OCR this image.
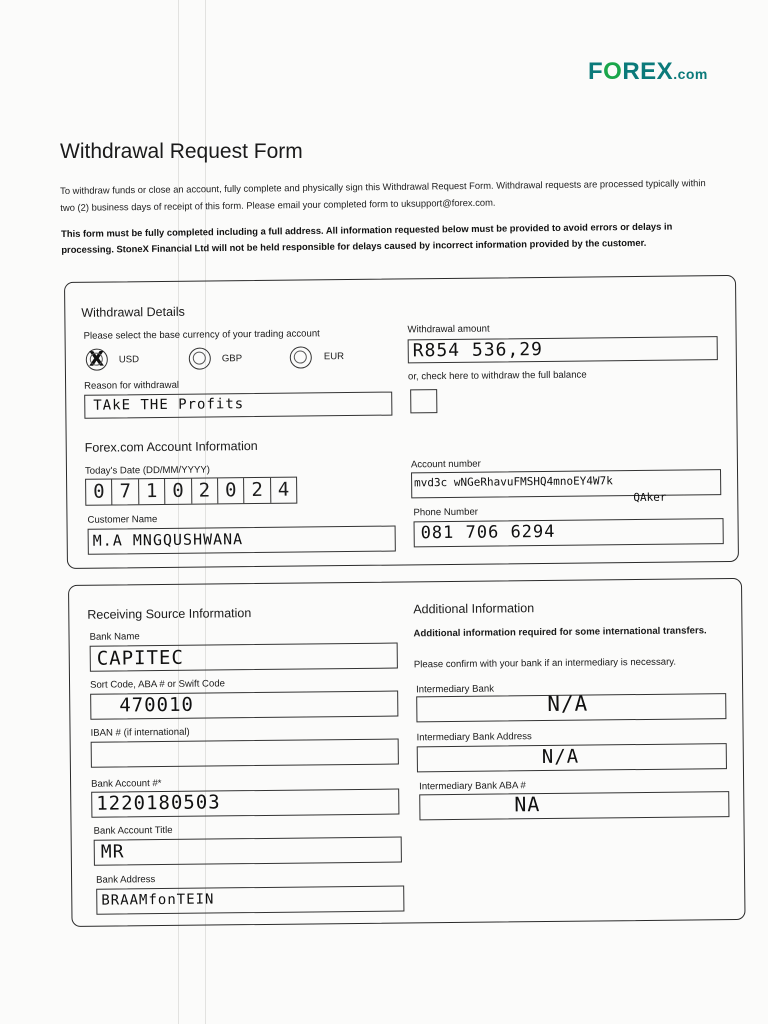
FOREX.com
Withdrawal Request Form
To withdraw funds or close an account, fully complete and physically sign this Withdrawal Request Form. Withdrawal requests are processed typically within two (2) business days of receipt of this form. Please email your completed form to uksupport@forex.com.
This form must be fully completed including a full address. All information requested below must be provided to avoid errors or delays in processing. StoneX Financial Ltd will not be held responsible for delays caused by incorrect information provided by the customer.
Withdrawal Details
Please select the base currency of your trading account
X USD	GBP	EUR
Reason for withdrawal
TAkE THE Profits
Withdrawal amount
R854 536,29
or, check here to withdraw the full balance
Forex.com Account Information
Today's Date (DD/MM/YYYY)
0 7 1 0 2 0 2 4
Account number
mvd3c wNGeRhavuFMSHQ4mnoEY4W7k
QAker
Customer Name
M.A MNGQUSHWANA
Phone Number
081 706 6294
Receiving Source Information
Bank Name
CAPITEC
Sort Code, ABA # or Swift Code
470010
IBAN # (if international)
Bank Account #*
1220180503
Bank Account Title
MR
Bank Address
BRAAMfonTEIN
Additional Information
Additional information required for some international transfers.
Please confirm with your bank if an intermediary is necessary.
Intermediary Bank
N/A
Intermediary Bank Address
N/A
Intermediary Bank ABA #
NA
